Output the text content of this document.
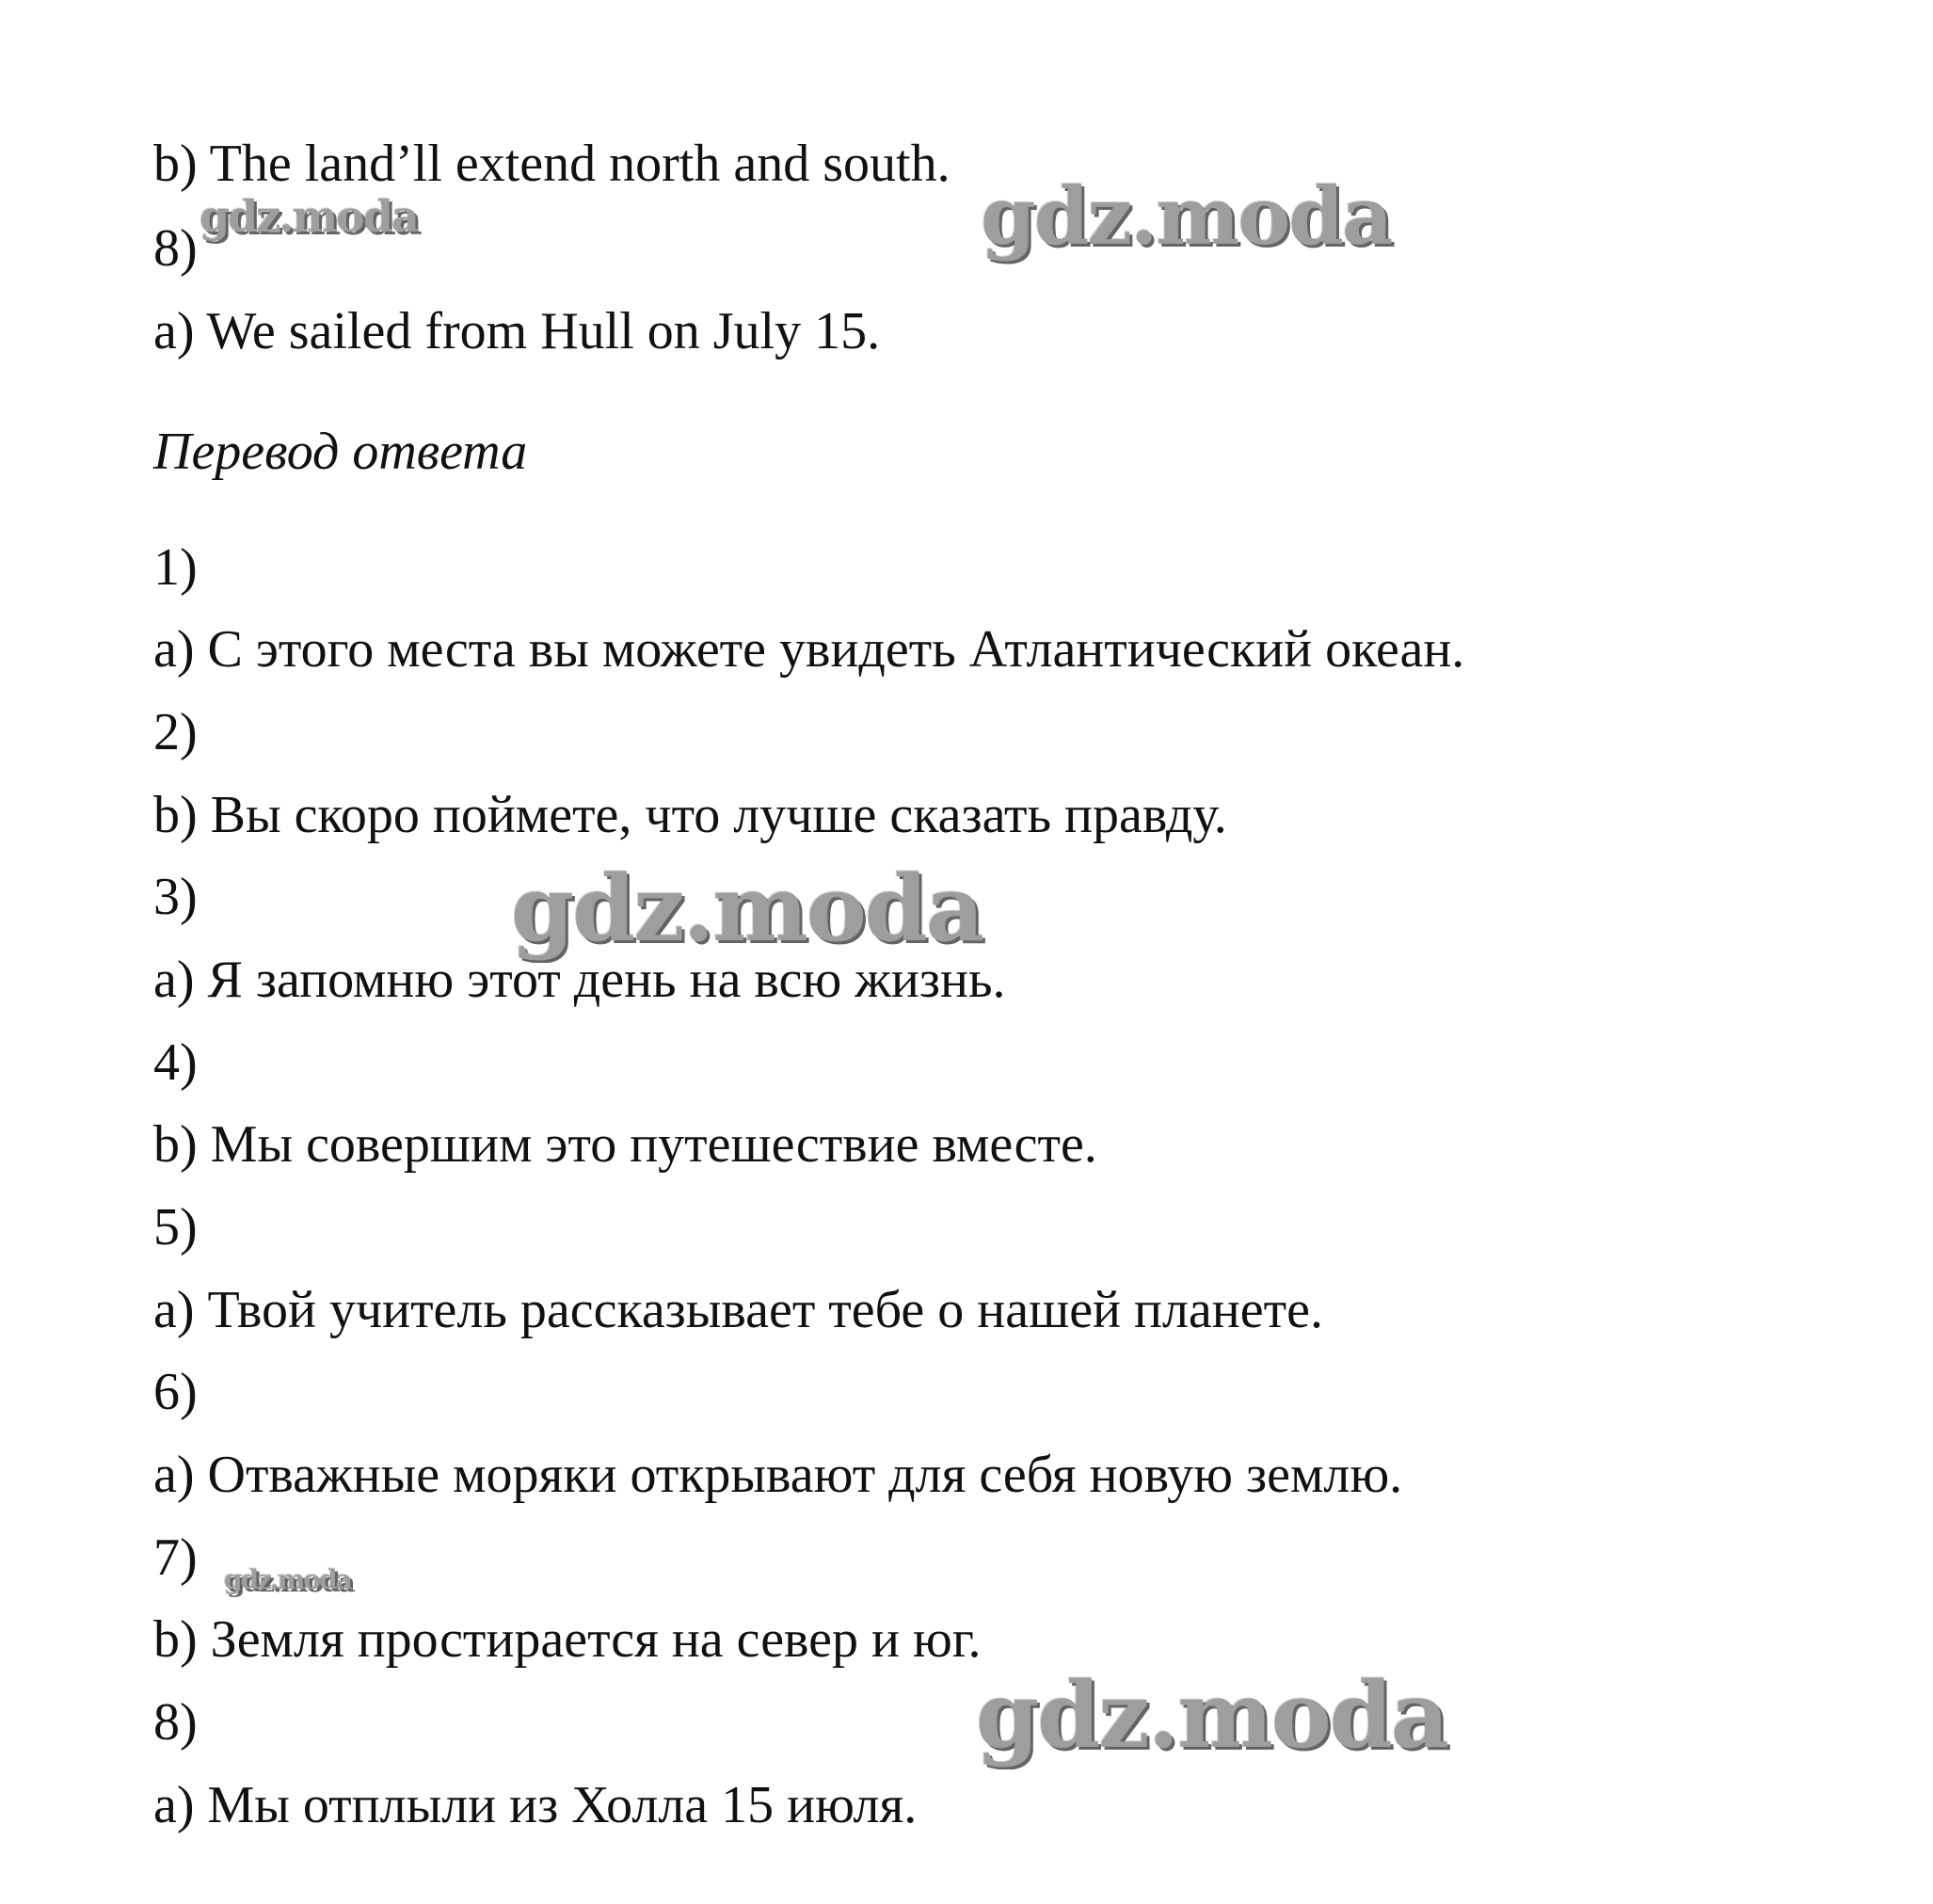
b) The land’ll extend north and south.
8)
a) We sailed from Hull on July 15.
Перевод ответа
1)
a) С этого места вы можете увидеть Атлантический океан.
2)
b) Вы скоро поймете, что лучше сказать правду.
3)
a) Я запомню этот день на всю жизнь.
4)
b) Мы совершим это путешествие вместе.
5)
a) Твой учитель рассказывает тебе о нашей планете.
6)
a) Отважные моряки открывают для себя новую землю.
7)
b) Земля простирается на север и юг.
8)
a) Мы отплыли из Холла 15 июля.
gdz.moda	gdz.moda
gdz.moda
gdz.moda
gdz.moda
